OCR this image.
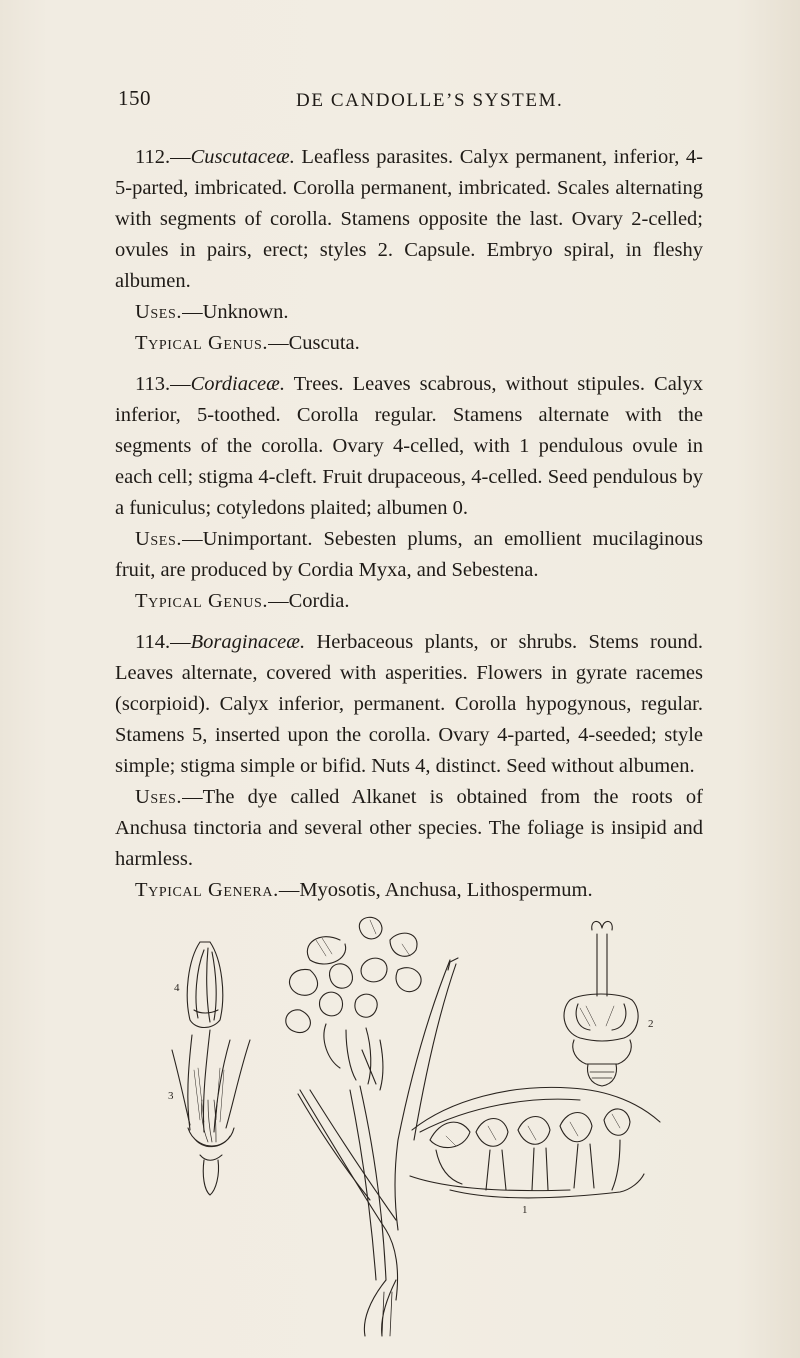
150	DE CANDOLLE’S SYSTEM.

112.—Cuscutaceæ. Leafless parasites. Calyx permanent, inferior, 4-5-parted, imbricated. Corolla permanent, imbricated. Scales alternating with segments of corolla. Stamens opposite the last. Ovary 2-celled; ovules in pairs, erect; styles 2. Capsule. Embryo spiral, in fleshy albumen.

Uses.—Unknown.

Typical Genus.—Cuscuta.

113.—Cordiaceæ. Trees. Leaves scabrous, without stipules. Calyx inferior, 5-toothed. Corolla regular. Stamens alternate with the segments of the corolla. Ovary 4-celled, with 1 pendulous ovule in each cell; stigma 4-cleft. Fruit drupaceous, 4-celled. Seed pendulous by a funiculus; cotyledons plaited; albumen 0.

Uses.—Unimportant. Sebesten plums, an emollient mucilaginous fruit, are produced by Cordia Myxa, and Sebestena.

Typical Genus.—Cordia.

114.—Boraginaceæ. Herbaceous plants, or shrubs. Stems round. Leaves alternate, covered with asperities. Flowers in gyrate racemes (scorpioid). Calyx inferior, permanent. Corolla hypogynous, regular. Stamens 5, inserted upon the corolla. Ovary 4-parted, 4-seeded; style simple; stigma simple or bifid. Nuts 4, distinct. Seed without albumen.

Uses.—The dye called Alkanet is obtained from the roots of Anchusa tinctoria and several other species. The foliage is insipid and harmless.

Typical Genera.—Myosotis, Anchusa, Lithospermum.

4
3
2
1
